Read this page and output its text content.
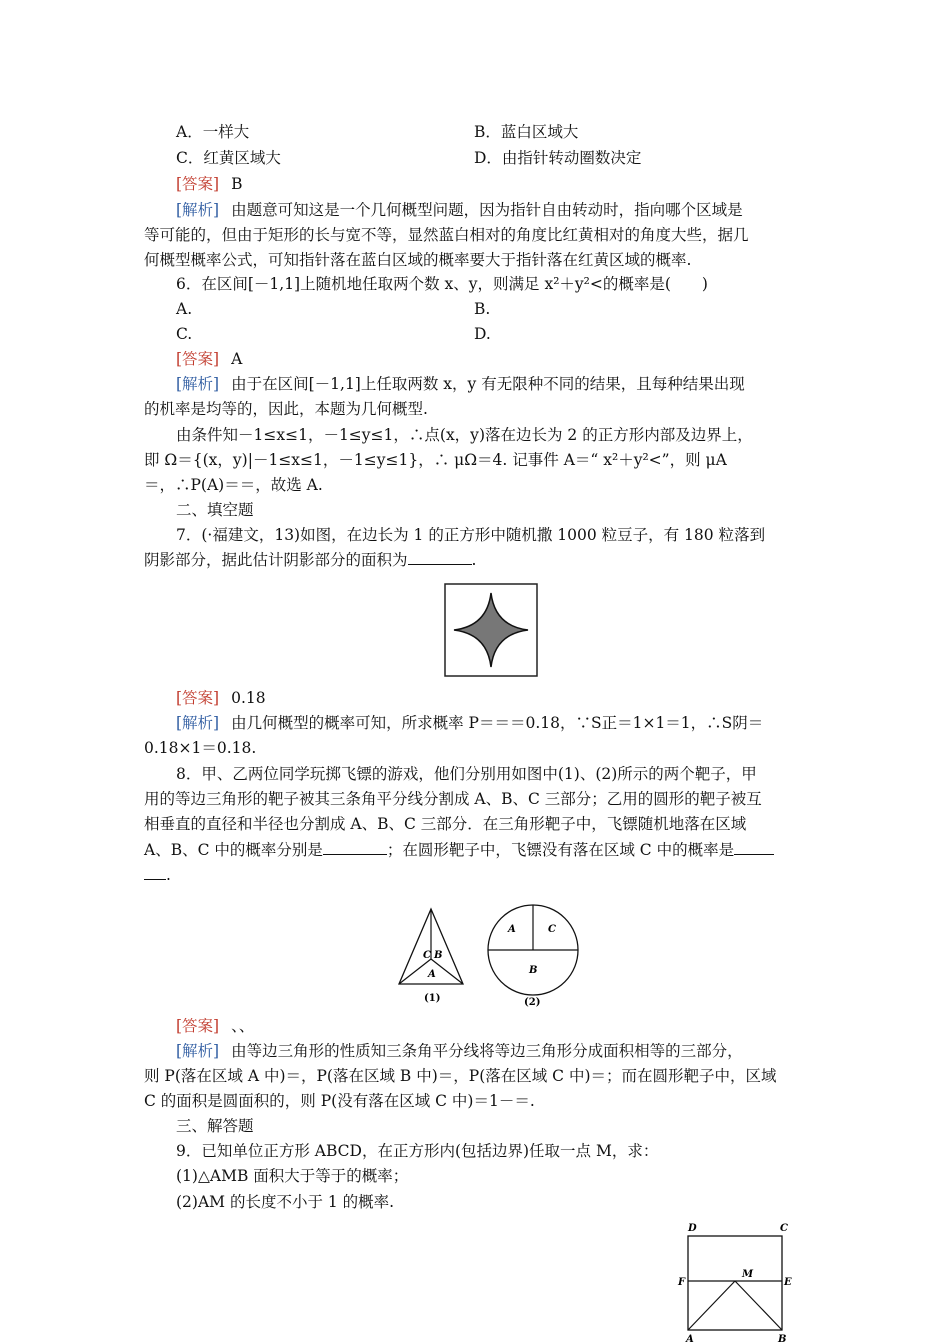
A．一样大	B．蓝白区域大
C．红黄区域大	D．由指针转动圈数决定
[答案] B
[解析] 由题意可知这是一个几何概型问题，因为指针自由转动时，指向哪个区域是
等可能的，但由于矩形的长与宽不等，显然蓝白相对的角度比红黄相对的角度大些，据几
何概型概率公式，可知指针落在蓝白区域的概率要大于指针落在红黄区域的概率.
6．在区间[－1,1]上随机地任取两个数 x、y，则满足 x²＋y²<的概率是(　　)
A.	B.
C.	D.
[答案] A
[解析] 由于在区间[－1,1]上任取两数 x，y 有无限种不同的结果，且每种结果出现
的机率是均等的，因此，本题为几何概型.
由条件知－1≤x≤1，－1≤y≤1，∴点(x，y)落在边长为 2 的正方形内部及边界上，
即 Ω＝{(x，y)|－1≤x≤1，－1≤y≤1}，∴ μΩ＝4. 记事件 A＝“ x²＋y²<”，则 μA
＝，∴P(A)＝＝，故选 A.
二、填空题
7．(·福建文，13)如图，在边长为 1 的正方形中随机撒 1000 粒豆子，有 180 粒落到
阴影部分，据此估计阴影部分的面积为	.
[答案] 0.18
[解析] 由几何概型的概率可知，所求概率 P＝＝＝0.18，∵S正＝1×1＝1，∴S阴＝
0.18×1＝0.18.
8．甲、乙两位同学玩掷飞镖的游戏，他们分别用如图中(1)、(2)所示的两个靶子，甲
用的等边三角形的靶子被其三条角平分线分割成 A、B、C 三部分；乙用的圆形的靶子被互
相垂直的直径和半径也分割成 A、B、C 三部分．在三角形靶子中，飞镖随机地落在区域
A、B、C 中的概率分别是	；在圆形靶子中，飞镖没有落在区域 C 中的概率是
.
C B
A
(1)
A	C
B
(2)
[答案] 、、
[解析] 由等边三角形的性质知三条角平分线将等边三角形分成面积相等的三部分，
则 P(落在区域 A 中)＝，P(落在区域 B 中)＝，P(落在区域 C 中)＝；而在圆形靶子中，区域
C 的面积是圆面积的，则 P(没有落在区域 C 中)＝1－＝.
三、解答题
9．已知单位正方形 ABCD，在正方形内(包括边界)任取一点 M，求：
(1)△AMB 面积大于等于的概率；
(2)AM 的长度不小于 1 的概率.
D	C
F
M
E
A	B
